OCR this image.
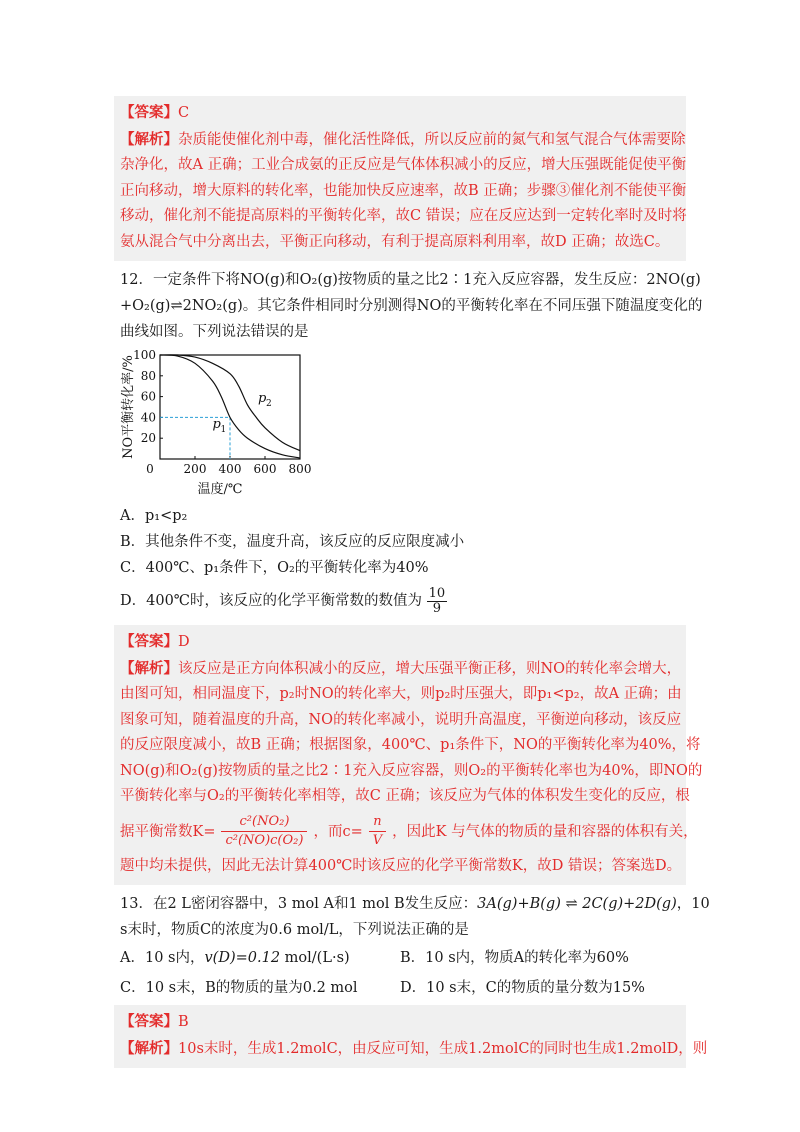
【答案】C
【解析】杂质能使催化剂中毒，催化活性降低，所以反应前的氮气和氢气混合气体需要除
杂净化，故A 正确；工业合成氨的正反应是气体体积减小的反应，增大压强既能促使平衡
正向移动，增大原料的转化率，也能加快反应速率，故B 正确；步骤③催化剂不能使平衡
移动，催化剂不能提高原料的平衡转化率，故C 错误；应在反应达到一定转化率时及时将
氨从混合气中分离出去，平衡正向移动，有利于提高原料利用率，故D 正确；故选C。
12．一定条件下将NO(g)和O₂(g)按物质的量之比2∶1充入反应容器，发生反应：2NO(g)
+O₂(g)⇌2NO₂(g)。其它条件相同时分别测得NO的平衡转化率在不同压强下随温度变化的
曲线如图。下列说法错误的是
20
40
60
80
100
0 200 400 600 800
NO平衡转化率/%
温度/℃
p 2
p 1
A．p₁<p₂
B．其他条件不变，温度升高，该反应的反应限度减小
C．400℃、p₁条件下，O₂的平衡转化率为40%
D．400℃时，该反应的化学平衡常数的数值为 $\frac{10}{9}$
【答案】D
【解析】该反应是正方向体积减小的反应，增大压强平衡正移，则NO的转化率会增大，
由图可知，相同温度下，p₂时NO的转化率大，则p₂时压强大，即p₁<p₂，故A 正确；由
图象可知，随着温度的升高，NO的转化率减小，说明升高温度，平衡逆向移动，该反应
的反应限度减小，故B 正确；根据图象，400℃、p₁条件下，NO的平衡转化率为40%，将
NO(g)和O₂(g)按物质的量之比2∶1充入反应容器，则O₂的平衡转化率也为40%，即NO的
平衡转化率与O₂的平衡转化率相等，故C 正确；该反应为气体的体积发生变化的反应，根
据平衡常数$K= \frac{\text{c²(NO₂)}}{\text{c²(NO)c(O₂)}}$ ，而$c= \frac{n}{V}$ ，因此K 与气体的物质的量和容器的体积有关，
题中均未提供，因此无法计算400℃时该反应的化学平衡常数K，故D 错误；答案选D。
13．在2 L密闭容器中，3 mol A和1 mol B发生反应：3A(g)+B(g) ⇌ 2C(g)+2D(g)，10
s末时，物质C的浓度为0.6 mol/L，下列说法正确的是
A．10 s内，v(D)=0.12 mol/(L·s)	B．10 s内，物质A的转化率为60%
C．10 s末，B的物质的量为0.2 mol	D．10 s末，C的物质的量分数为15%
【答案】B
【解析】10s末时，生成1.2molC，由反应可知，生成1.2molC的同时也生成1.2molD，则
